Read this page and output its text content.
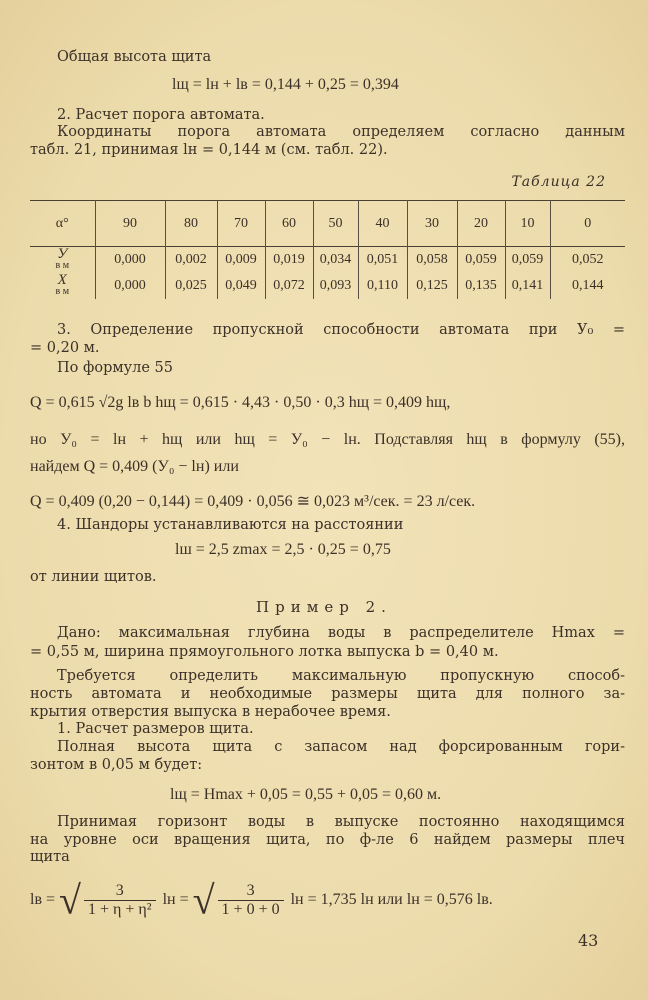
Общая высота щита
lщ = lн + lв = 0,144 + 0,25 = 0,394
2. Расчет порога автомата.
Координаты порога автомата определяем согласно данным
табл. 21, принимая lн = 0,144 м (см. табл. 22).
Таблица 22
α°	90	80	70	60	50	40	30	20	10	0
У
в м	0,000	0,002	0,009	0,019	0,034	0,051	0,058	0,059	0,059	0,052
X
в м	0,000	0,025	0,049	0,072	0,093	0,110	0,125	0,135	0,141	0,144
3. Определение пропускной способности автомата при У₀ =
= 0,20 м.
По формуле 55
Q = 0,615 √2g lв b hщ = 0,615 · 4,43 · 0,50 · 0,3 hщ = 0,409 hщ,
но У₀ = lн + hщ или hщ = У₀ − lн. Подставляя hщ в формулу (55),
найдем Q = 0,409 (У₀ − lн) или
Q = 0,409 (0,20 − 0,144) = 0,409 · 0,056 ≅ 0,023 м³/сек. = 23 л/сек.
4. Шандоры устанавливаются на расстоянии
lш = 2,5 zmax = 2,5 · 0,25 = 0,75
от линии щитов.
Пример 2.
Дано: максимальная глубина воды в распределителе Hmax =
= 0,55 м, ширина прямоугольного лотка выпуска b = 0,40 м.
Требуется определить максимальную пропускную способ-
ность автомата и необходимые размеры щита для полного за-
крытия отверстия выпуска в нерабочее время.
1. Расчет размеров щита.
Полная высота щита с запасом над форсированным гори-
зонтом в 0,05 м будет:
lщ = Hmax + 0,05 = 0,55 + 0,05 = 0,60 м.
Принимая горизонт воды в выпуске постоянно находящимся
на уровне оси вращения щита, по ф-ле 6 найдем размеры плеч
щита
lв = √ $\frac{3}{\text{1 + η + η²}}$ lн = √ $\frac{3}{1 + 0 + 0}$ lн = 1,735 lн или lн = 0,576 lв.
43
